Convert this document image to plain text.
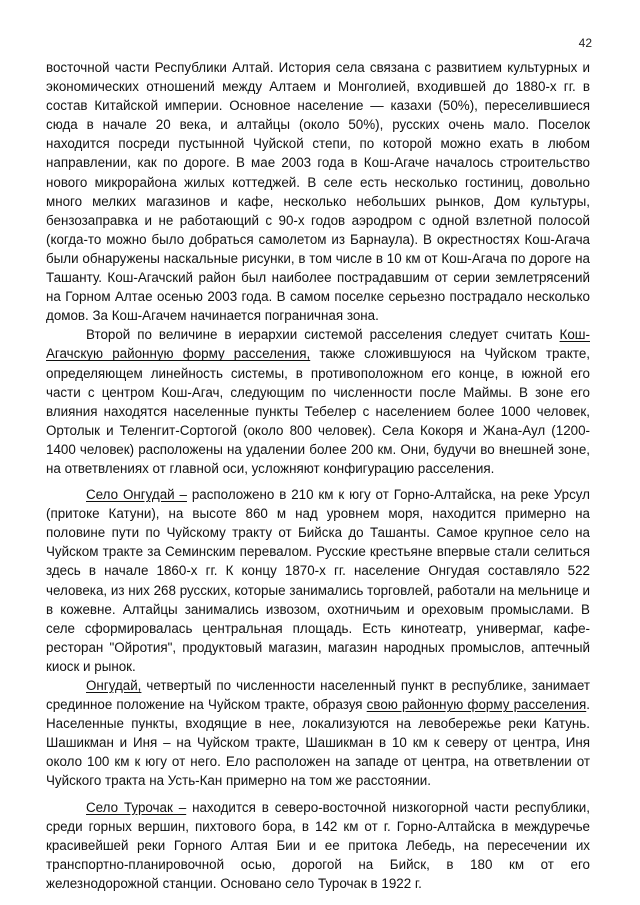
42

восточной части Республики Алтай. История села связана с развитием культурных и экономических отношений между Алтаем и Монголией, входившей до 1880-х гг. в состав Китайской империи. Основное население — казахи (50%), переселившиеся сюда в начале 20 века, и алтайцы (около 50%), русских очень мало. Поселок находится посреди пустынной Чуйской степи, по которой можно ехать в любом направлении, как по дороге. В мае 2003 года в Кош-Агаче началось строительство нового микрорайона жилых коттеджей. В селе есть несколько гостиниц, довольно много мелких магазинов и кафе, несколько небольших рынков, Дом культуры, бензозаправка и не работающий с 90-х годов аэродром с одной взлетной полосой (когда-то можно было добраться самолетом из Барнаула). В окрестностях Кош-Агача были обнаружены наскальные рисунки, в том числе в 10 км от Кош-Агача по дороге на Ташанту. Кош-Агачский район был наиболее пострадавшим от серии землетрясений на Горном Алтае осенью 2003 года. В самом поселке серьезно пострадало несколько домов. За Кош-Агачем начинается пограничная зона.

Второй по величине в иерархии системой расселения следует считать Кош-Агачскую районную форму расселения, также сложившуюся на Чуйском тракте, определяющем линейность системы, в противоположном его конце, в южной его части с центром Кош-Агач, следующим по численности после Маймы. В зоне его влияния находятся населенные пункты Тебелер с населением более 1000 человек, Ортолык и Теленгит-Сортогой (около 800 человек). Села Кокоря и Жана-Аул (1200-1400 человек) расположены на удалении более 200 км. Они, будучи во внешней зоне, на ответвлениях от главной оси, усложняют конфигурацию расселения.

Село Онгудай – расположено в 210 км к югу от Горно-Алтайска, на реке Урсул (притоке Катуни), на высоте 860 м над уровнем моря, находится примерно на половине пути по Чуйскому тракту от Бийска до Ташанты. Самое крупное село на Чуйском тракте за Семинским перевалом. Русские крестьяне впервые стали селиться здесь в начале 1860-х гг. К концу 1870-х гг. население Онгудая составляло 522 человека, из них 268 русских, которые занимались торговлей, работали на мельнице и в кожевне. Алтайцы занимались извозом, охотничьим и ореховым промыслами. В селе сформировалась центральная площадь. Есть кинотеатр, универмаг, кафе-ресторан "Ойротия", продуктовый магазин, магазин народных промыслов, аптечный киоск и рынок.

Онгудай, четвертый по численности населенный пункт в республике, занимает срединное положение на Чуйском тракте, образуя свою районную форму расселения. Населенные пункты, входящие в нее, локализуются на левобережье реки Катунь. Шашикман и Иня – на Чуйском тракте, Шашикман в 10 км к северу от центра, Иня около 100 км к югу от него. Ело расположен на западе от центра, на ответвлении от Чуйского тракта на Усть-Кан примерно на том же расстоянии.

Село Турочак – находится в северо-восточной низкогорной части республики, среди горных вершин, пихтового бора, в 142 км от г. Горно-Алтайска в междуречье красивейшей реки Горного Алтая Бии и ее притока Лебедь, на пересечении их транспортно-планировочной осью, дорогой на Бийск, в 180 км от его железнодорожной станции. Основано село Турочак в 1922 г.
